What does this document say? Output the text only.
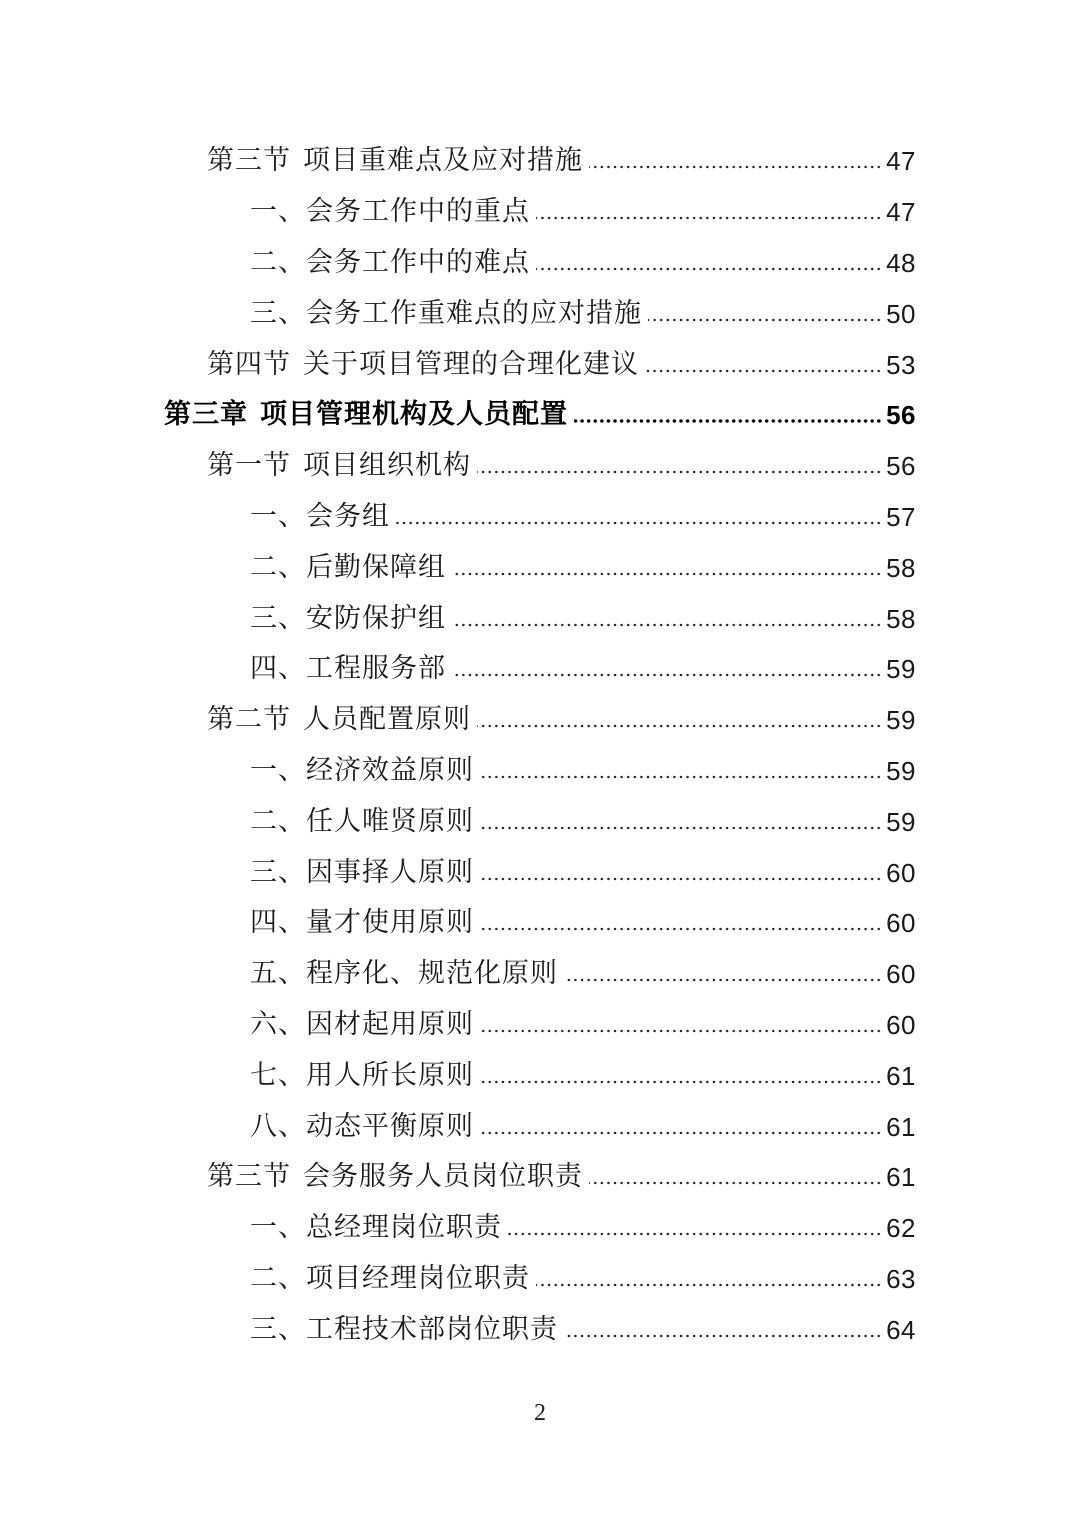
第三节 项目重难点及应对措施	47
一、会务工作中的重点	47
二、会务工作中的难点	48
三、会务工作重难点的应对措施	50
第四节 关于项目管理的合理化建议	53
第三章 项目管理机构及人员配置	56
第一节 项目组织机构	56
一、会务组	57
二、后勤保障组	58
三、安防保护组	58
四、工程服务部	59
第二节 人员配置原则	59
一、经济效益原则	59
二、任人唯贤原则	59
三、因事择人原则	60
四、量才使用原则	60
五、程序化、规范化原则	60
六、因材起用原则	60
七、用人所长原则	61
八、动态平衡原则	61
第三节 会务服务人员岗位职责	61
一、总经理岗位职责	62
二、项目经理岗位职责	63
三、工程技术部岗位职责	64
2
